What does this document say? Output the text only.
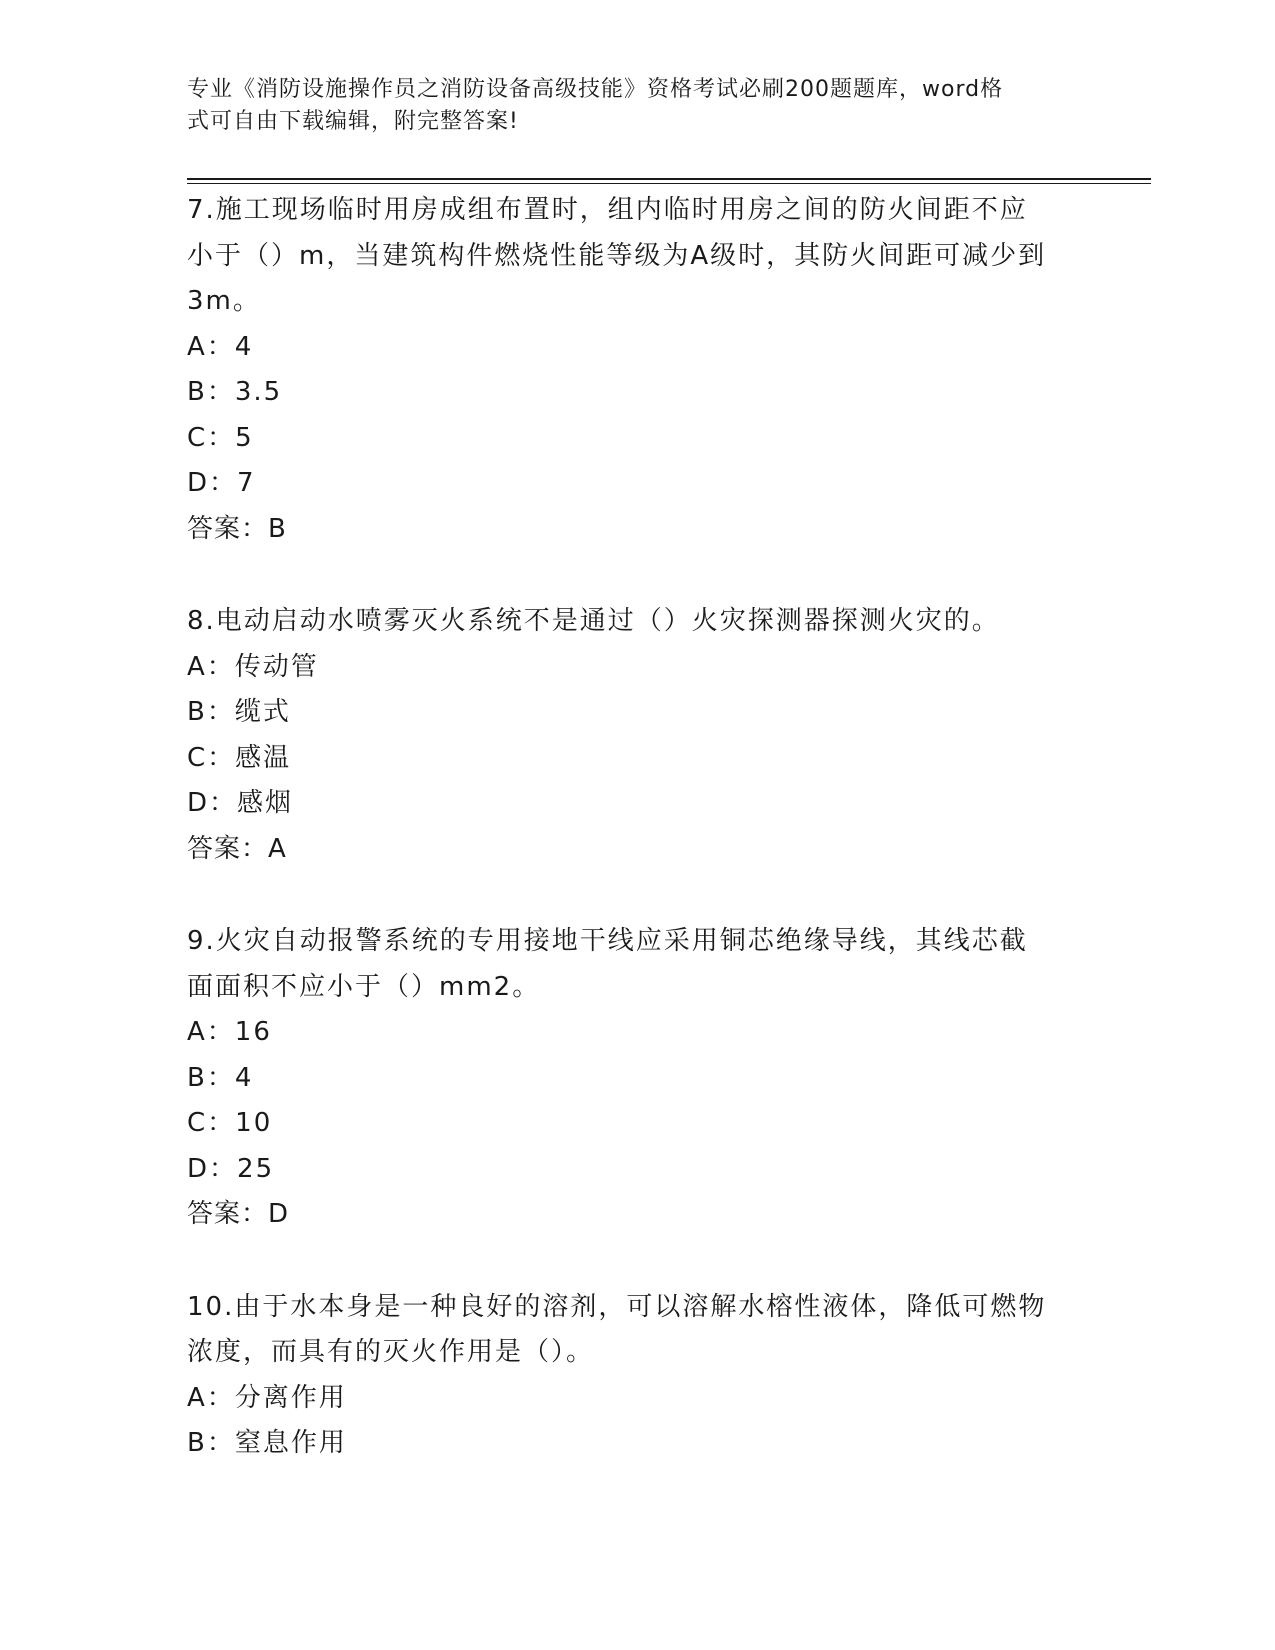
专业《消防设施操作员之消防设备高级技能》资格考试必刷200题题库，word格
式可自由下载编辑，附完整答案!
7.施工现场临时用房成组布置时，组内临时用房之间的防火间距不应
小于（）m，当建筑构件燃烧性能等级为A级时，其防火间距可减少到
3m。
A：4
B：3.5
C：5
D：7
答案：B
8.电动启动水喷雾灭火系统不是通过（）火灾探测器探测火灾的。
A：传动管
B：缆式
C：感温
D：感烟
答案：A
9.火灾自动报警系统的专用接地干线应采用铜芯绝缘导线，其线芯截
面面积不应小于（）mm2。
A：16
B：4
C：10
D：25
答案：D
10.由于水本身是一种良好的溶剂，可以溶解水榕性液体，降低可燃物
浓度，而具有的灭火作用是（）。
A：分离作用
B：窒息作用
